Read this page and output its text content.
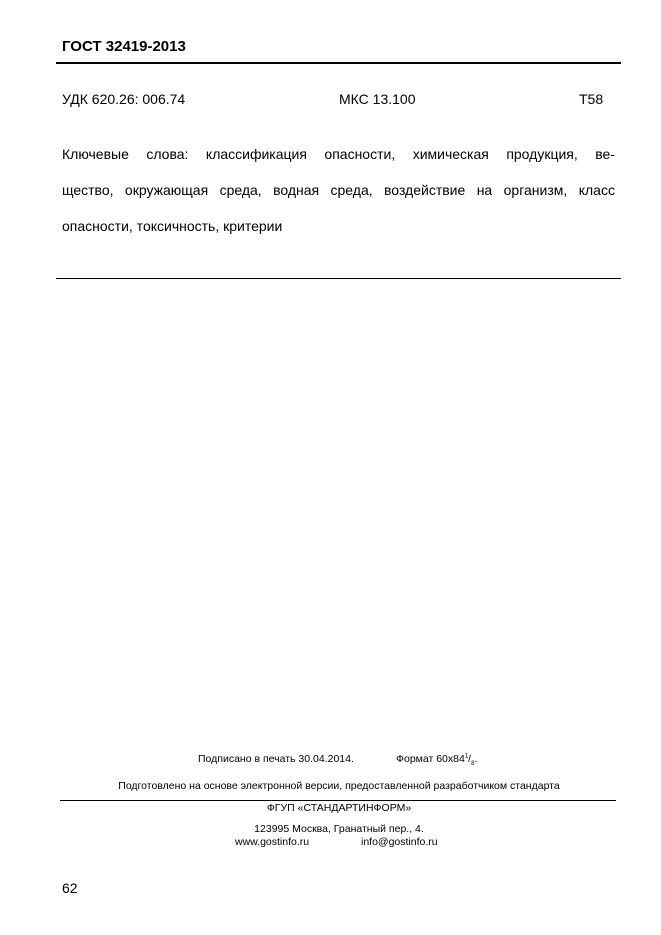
ГОСТ 32419-2013
УДК 620.26: 006.74	МКС 13.100	Т58
Ключевые слова: классификация опасности, химическая продукция, ве-
щество, окружающая среда, водная среда, воздействие на организм, класс
опасности, токсичность, критерии
Подписано в печать 30.04.2014.	Формат $60х84^1/_8$.
Подготовлено на основе электронной версии, предоставленной разработчиком стандарта
ФГУП «СТАНДАРТИНФОРМ»
123995 Москва, Гранатный пер., 4.
www.gostinfo.ru	info@gostinfo.ru
62
